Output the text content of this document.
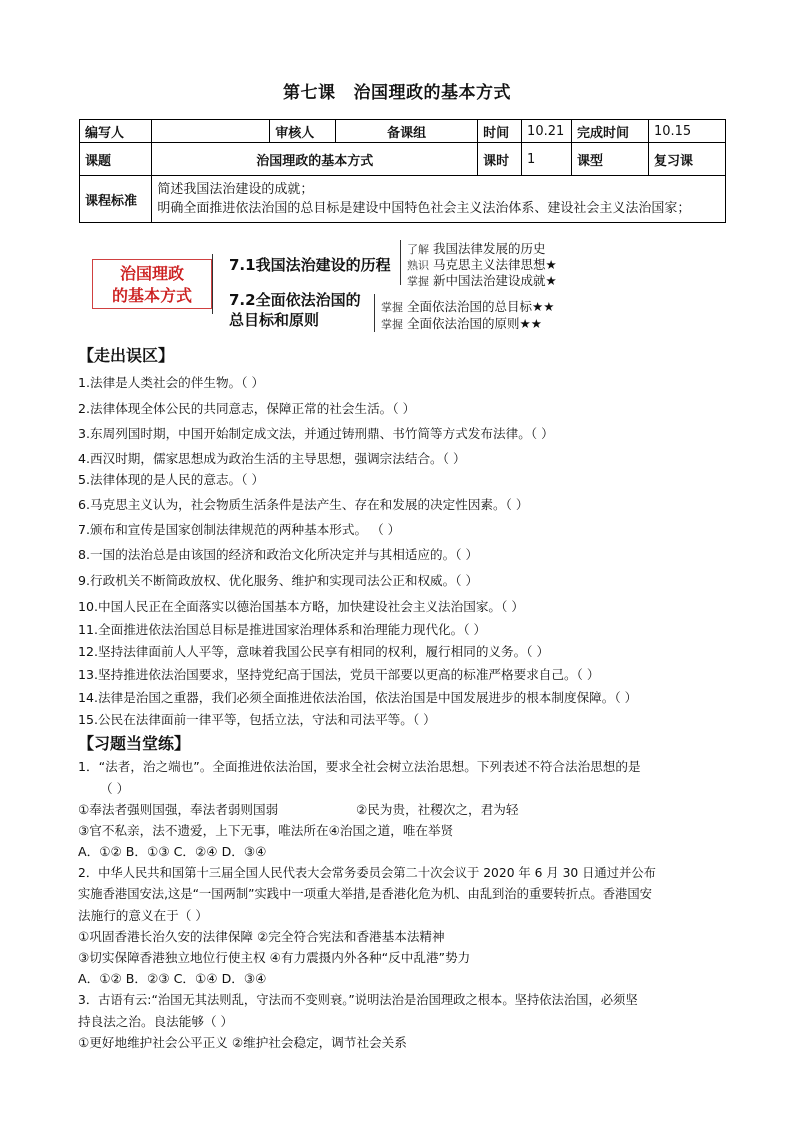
第七课 治国理政的基本方式
编写人		审核人	备课组	时间	10.21	完成时间	10.15
课题	治国理政的基本方式			课时	1	课型	复习课
课程标准	简述我国法治建设的成就；
明确全面推进依法治国的总目标是建设中国特色社会主义法治体系、建设社会主义法治国家；						
治国理政
的基本方式
7.1我国法治建设的历程
7.2全面依法治国的
总目标和原则
了解 我国法律发展的历史
熟识 马克思主义法律思想★
掌握 新中国法治建设成就★
掌握 全面依法治国的总目标★★
掌握 全面依法治国的原则★★
【走出误区】
1.法律是人类社会的伴生物。（ ）
2.法律体现全体公民的共同意志，保障正常的社会生活。（ ）
3.东周列国时期，中国开始制定成文法，并通过铸刑鼎、书竹简等方式发布法律。（ ）
4.西汉时期，儒家思想成为政治生活的主导思想，强调宗法结合。（ ）
5.法律体现的是人民的意志。（ ）
6.马克思主义认为，社会物质生活条件是法产生、存在和发展的决定性因素。（ ）
7.颁布和宣传是国家创制法律规范的两种基本形式。 （ ）
8.一国的法治总是由该国的经济和政治文化所决定并与其相适应的。（ ）
9.行政机关不断简政放权、优化服务、维护和实现司法公正和权威。（ ）
10.中国人民正在全面落实以德治国基本方略，加快建设社会主义法治国家。（ ）
11.全面推进依法治国总目标是推进国家治理体系和治理能力现代化。（ ）
12.坚持法律面前人人平等，意味着我国公民享有相同的权利，履行相同的义务。（ ）
13.坚持推进依法治国要求，坚持党纪高于国法，党员干部要以更高的标准严格要求自己。（ ）
14.法律是治国之重器，我们必须全面推进依法治国，依法治国是中国发展进步的根本制度保障。（ ）
15.公民在法律面前一律平等，包括立法，守法和司法平等。（ ）
【习题当堂练】
1．“法者，治之端也”。全面推进依法治国，要求全社会树立法治思想。下列表述不符合法治思想的是
（ ）
①奉法者强则国强，奉法者弱则国弱	②民为贵，社稷次之，君为轻
③官不私亲，法不遗爱，上下无事，唯法所在④治国之道，唯在举贤
A．①② B．①③ C．②④ D．③④
2．中华人民共和国第十三届全国人民代表大会常务委员会第二十次会议于 2020 年 6 月 30 日通过并公布
实施香港国安法,这是“一国两制”实践中一项重大举措,是香港化危为机、由乱到治的重要转折点。香港国安
法施行的意义在于（ ）
①巩固香港长治久安的法律保障 ②完全符合宪法和香港基本法精神
③切实保障香港独立地位行使主权 ④有力震摄内外各种“反中乱港”势力
A．①② B．②③ C．①④ D．③④
3．古语有云:“治国无其法则乱，守法而不变则衰。”说明法治是治国理政之根本。坚持依法治国，必须坚
持良法之治。良法能够（ ）
①更好地维护社会公平正义 ②维护社会稳定，调节社会关系
